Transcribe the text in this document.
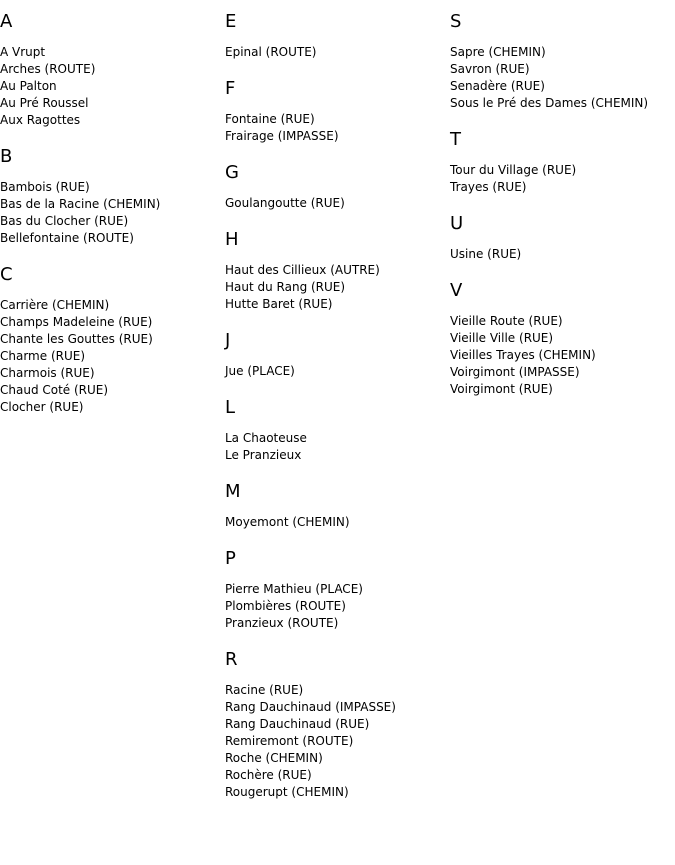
A
A Vrupt
Arches (ROUTE)
Au Palton
Au Pré Roussel
Aux Ragottes
B
Bambois (RUE)
Bas de la Racine (CHEMIN)
Bas du Clocher (RUE)
Bellefontaine (ROUTE)
C
Carrière (CHEMIN)
Champs Madeleine (RUE)
Chante les Gouttes (RUE)
Charme (RUE)
Charmois (RUE)
Chaud Coté (RUE)
Clocher (RUE)
E
Epinal (ROUTE)
F
Fontaine (RUE)
Frairage (IMPASSE)
G
Goulangoutte (RUE)
H
Haut des Cillieux (AUTRE)
Haut du Rang (RUE)
Hutte Baret (RUE)
J
Jue (PLACE)
L
La Chaoteuse
Le Pranzieux
M
Moyemont (CHEMIN)
P
Pierre Mathieu (PLACE)
Plombières (ROUTE)
Pranzieux (ROUTE)
R
Racine (RUE)
Rang Dauchinaud (IMPASSE)
Rang Dauchinaud (RUE)
Remiremont (ROUTE)
Roche (CHEMIN)
Rochère (RUE)
Rougerupt (CHEMIN)
S
Sapre (CHEMIN)
Savron (RUE)
Senadère (RUE)
Sous le Pré des Dames (CHEMIN)
T
Tour du Village (RUE)
Trayes (RUE)
U
Usine (RUE)
V
Vieille Route (RUE)
Vieille Ville (RUE)
Vieilles Trayes (CHEMIN)
Voirgimont (IMPASSE)
Voirgimont (RUE)
